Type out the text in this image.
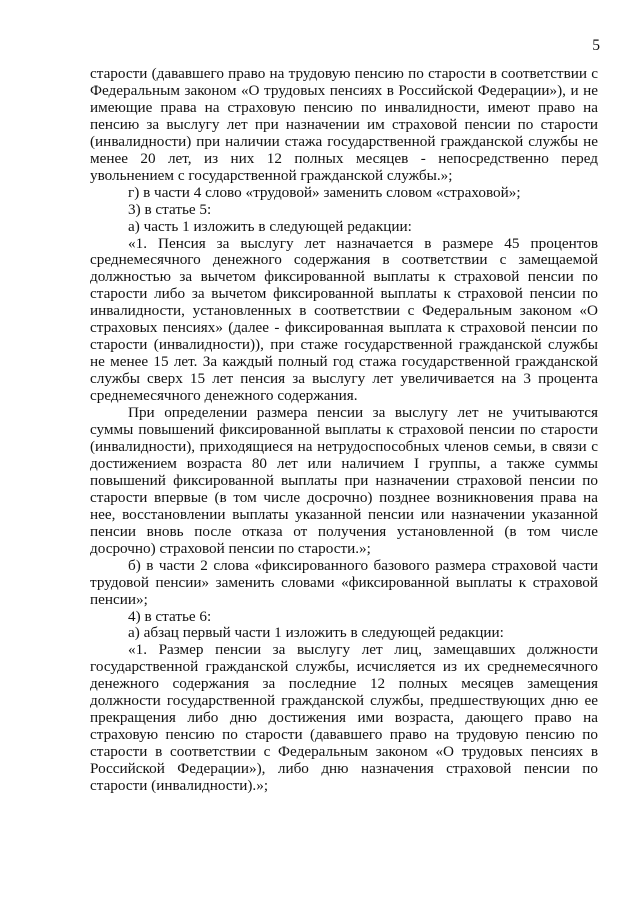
5

старости (дававшего право на трудовую пенсию по старости в соответствии с Федеральным законом «О трудовых пенсиях в Российской Федерации»), и не имеющие права на страховую пенсию по инвалидности, имеют право на пенсию за выслугу лет при назначении им страховой пенсии по старости (инвалидности) при наличии стажа государственной гражданской службы не менее 20 лет, из них 12 полных месяцев - непосредственно перед увольнением с государственной гражданской службы.»;

г) в части 4 слово «трудовой» заменить словом «страховой»;

3) в статье 5:

а) часть 1 изложить в следующей редакции:

«1. Пенсия за выслугу лет назначается в размере 45 процентов среднемесячного денежного содержания в соответствии с замещаемой должностью за вычетом фиксированной выплаты к страховой пенсии по старости либо за вычетом фиксированной выплаты к страховой пенсии по инвалидности, установленных в соответствии с Федеральным законом «О страховых пенсиях» (далее - фиксированная выплата к страховой пенсии по старости (инвалидности)), при стаже государственной гражданской службы не менее 15 лет. За каждый полный год стажа государственной гражданской службы сверх 15 лет пенсия за выслугу лет увеличивается на 3 процента среднемесячного денежного содержания.

При определении размера пенсии за выслугу лет не учитываются суммы повышений фиксированной выплаты к страховой пенсии по старости (инвалидности), приходящиеся на нетрудоспособных членов семьи, в связи с достижением возраста 80 лет или наличием I группы, а также суммы повышений фиксированной выплаты при назначении страховой пенсии по старости впервые (в том числе досрочно) позднее возникновения права на нее, восстановлении выплаты указанной пенсии или назначении указанной пенсии вновь после отказа от получения установленной (в том числе досрочно) страховой пенсии по старости.»;

б) в части 2 слова «фиксированного базового размера страховой части трудовой пенсии» заменить словами «фиксированной выплаты к страховой пенсии»;

4) в статье 6:

а) абзац первый части 1 изложить в следующей редакции:

«1. Размер пенсии за выслугу лет лиц, замещавших должности государственной гражданской службы, исчисляется из их среднемесячного денежного содержания за последние 12 полных месяцев замещения должности государственной гражданской службы, предшествующих дню ее прекращения либо дню достижения ими возраста, дающего право на страховую пенсию по старости (дававшего право на трудовую пенсию по старости в соответствии с Федеральным законом «О трудовых пенсиях в Российской Федерации»), либо дню назначения страховой пенсии по старости (инвалидности).»;
